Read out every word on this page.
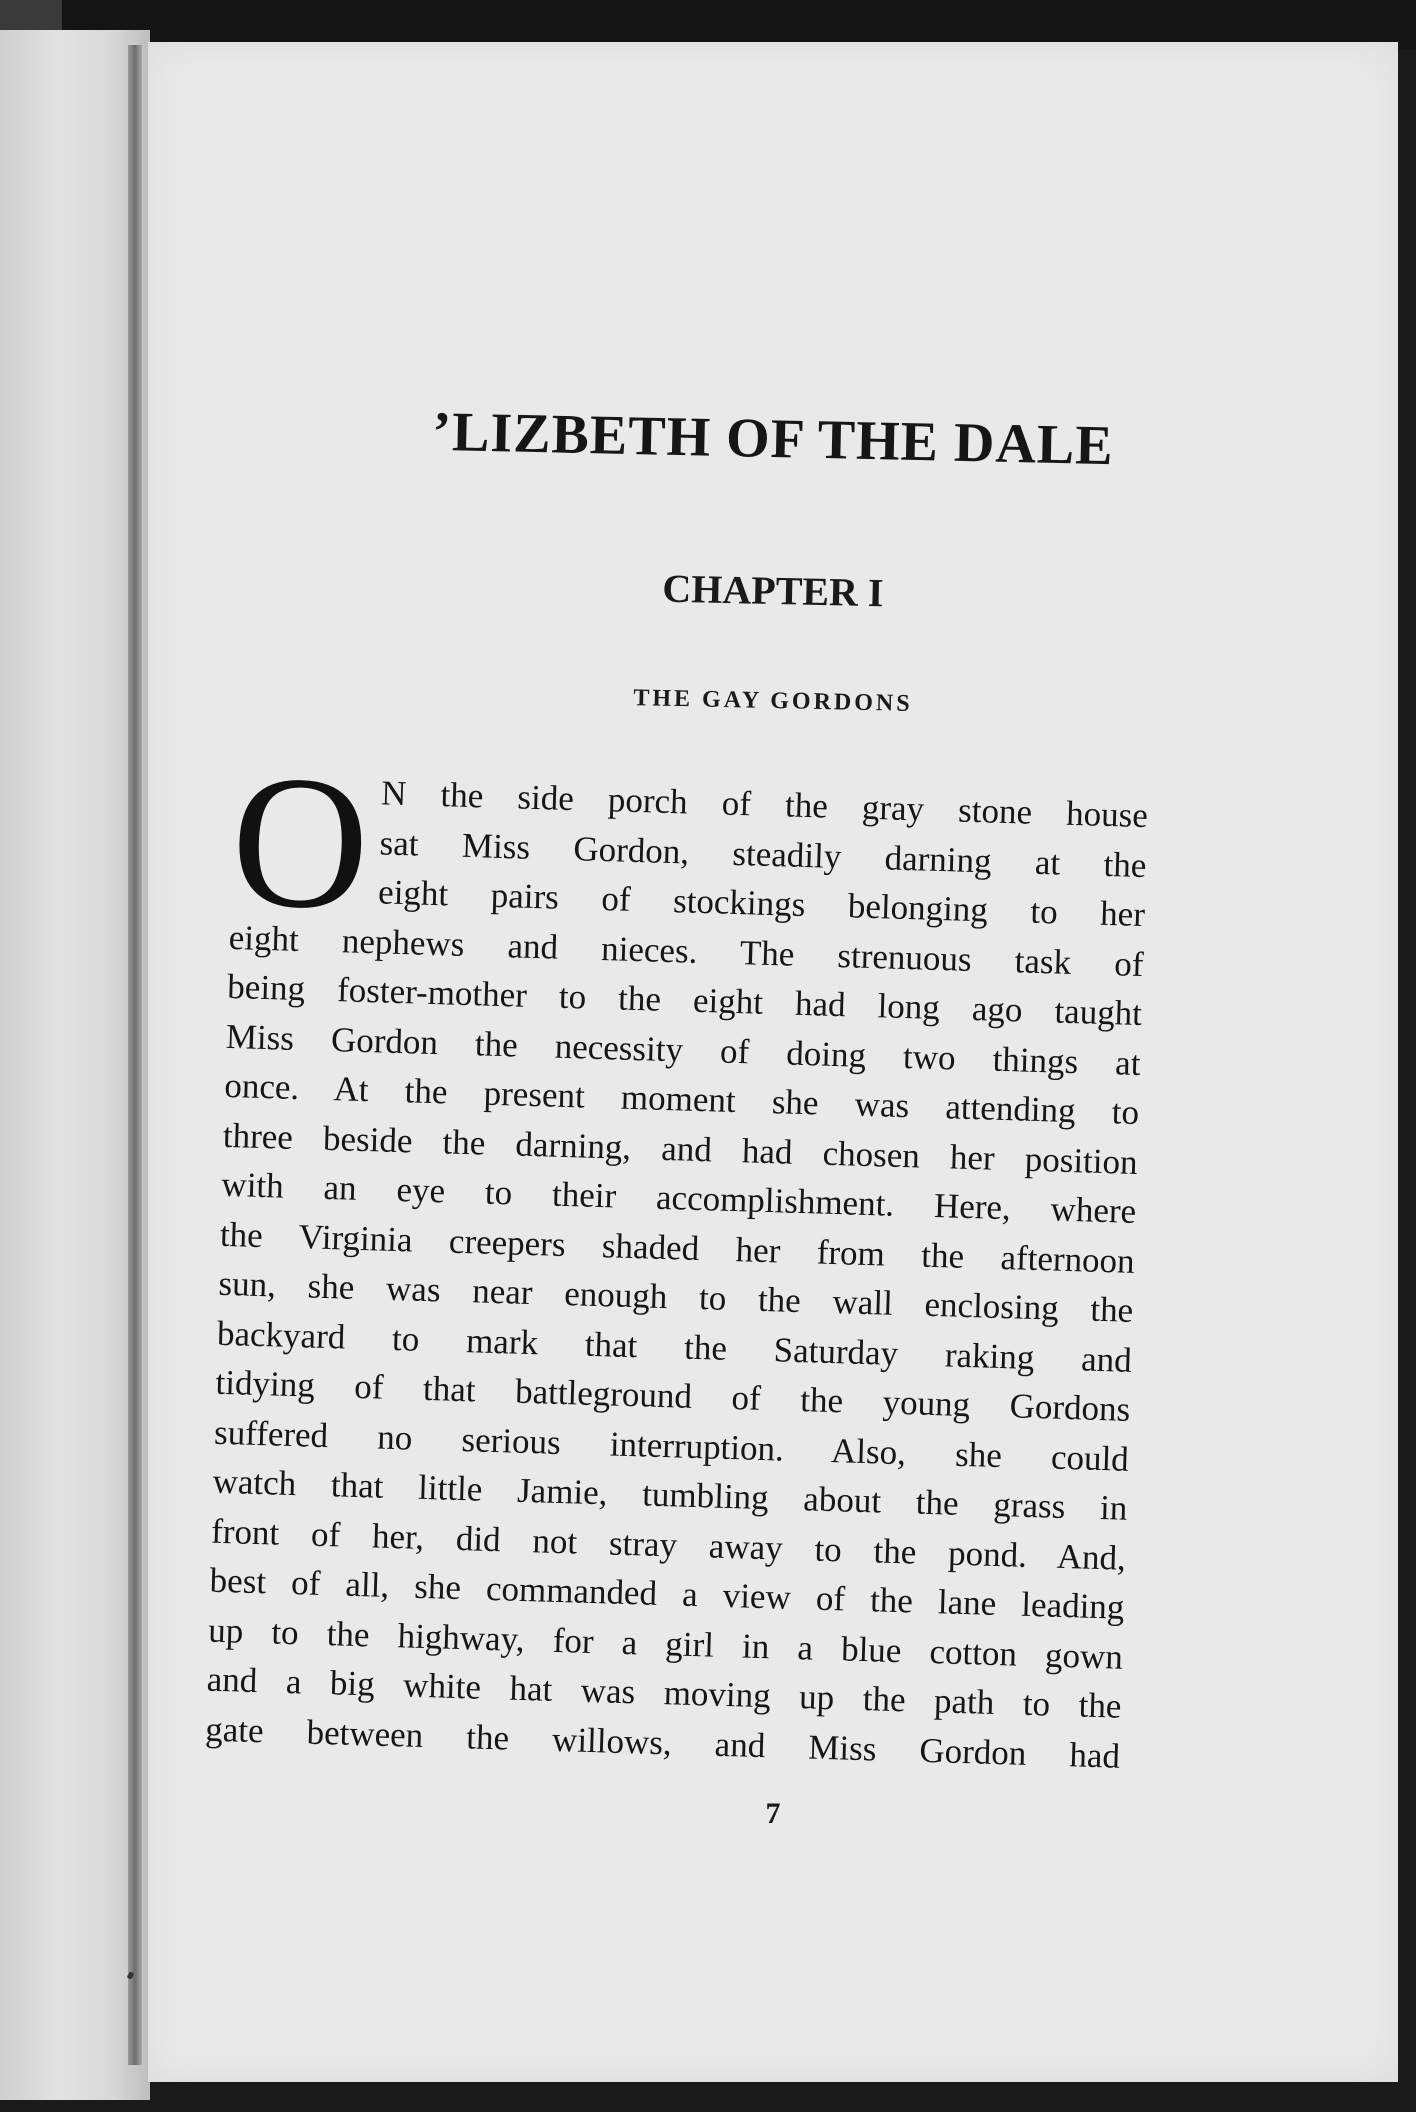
’LIZBETH OF THE DALE
CHAPTER I
THE GAY GORDONS
O N the side porch of the gray stone house
sat Miss Gordon, steadily darning at the
eight pairs of stockings belonging to her
eight nephews and nieces. The strenuous task of
being foster-mother to the eight had long ago taught
Miss Gordon the necessity of doing two things at
once. At the present moment she was attending to
three beside the darning, and had chosen her position
with an eye to their accomplishment. Here, where
the Virginia creepers shaded her from the afternoon
sun, she was near enough to the wall enclosing the
backyard to mark that the Saturday raking and
tidying of that battleground of the young Gordons
suffered no serious interruption. Also, she could
watch that little Jamie, tumbling about the grass in
front of her, did not stray away to the pond. And,
best of all, she commanded a view of the lane leading
up to the highway, for a girl in a blue cotton gown
and a big white hat was moving up the path to the
gate between the willows, and Miss Gordon had
7
